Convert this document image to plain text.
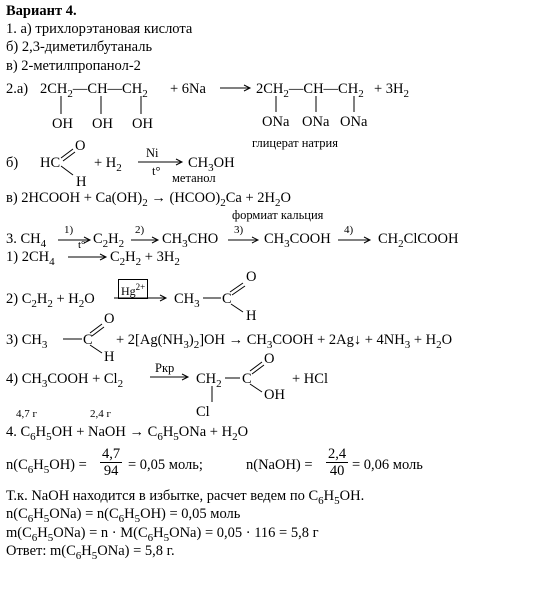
Вариант 4.
1. а) трихлорэтановая кислота
б) 2,3-диметилбутаналь
в) 2-метилпропанол-2
2.а) $2CH_2—CH—CH_2$
OH OH OH
+ 6Na	$2CH_2—CH—CH_2$
ONa ONa ONa
+ $3H_2$
глицерат натрия
б) HC
O
H
+ $H_2$
Ni
t° $CH_3OH$
метанол
в) 2HCOOH + $Ca(OH)_2$ → $(HCOO)_2Ca + 2H_2O$
формиат кальция
3. $CH_4$
1)
$C_2H_2$
2)
$CH_3CHO$
3)
$CH_3COOH$
4)
$CH_2ClCOOH$
1) $2CH_4$
t°
$C_2H_2 + 3H_2$
2) $C_2H_2 + H_2O$ $Hg^{2+}$
$CH_3$ C
O
H
3) $CH_3$ C
O
H
+ $2[Ag(NH_3)_2]OH$ → $CH_3COOH$ + 2Ag↓ + $4NH_3 + H_2O$
4) $CH_3COOH + Cl_2$
Pкр
$CH_2$ C
O
OH
Cl
+ HCl
4,7 г	2,4 г
4. $C_6H_5OH$ + NaOH → $C_6H_5ONa + H_2O$
$n(C_6H_5OH) = \frac{4,7}{94} = 0,05$ моль;	n(NaOH) = $\frac{2,4}{40} = 0,06$ моль
Т.к. NaOH находится в избытке, расчет ведем по $C_6H_5OH$.
$n(C_6H_5ONa) = n(C_6H_5OH) = 0,05$ моль
$m(C_6H_5ONa) = n \cdot M(C_6H_5ONa) = 0,05 \cdot 116 = 5,8$ г
Ответ: $m(C_6H_5ONa) = 5,8$ г.
